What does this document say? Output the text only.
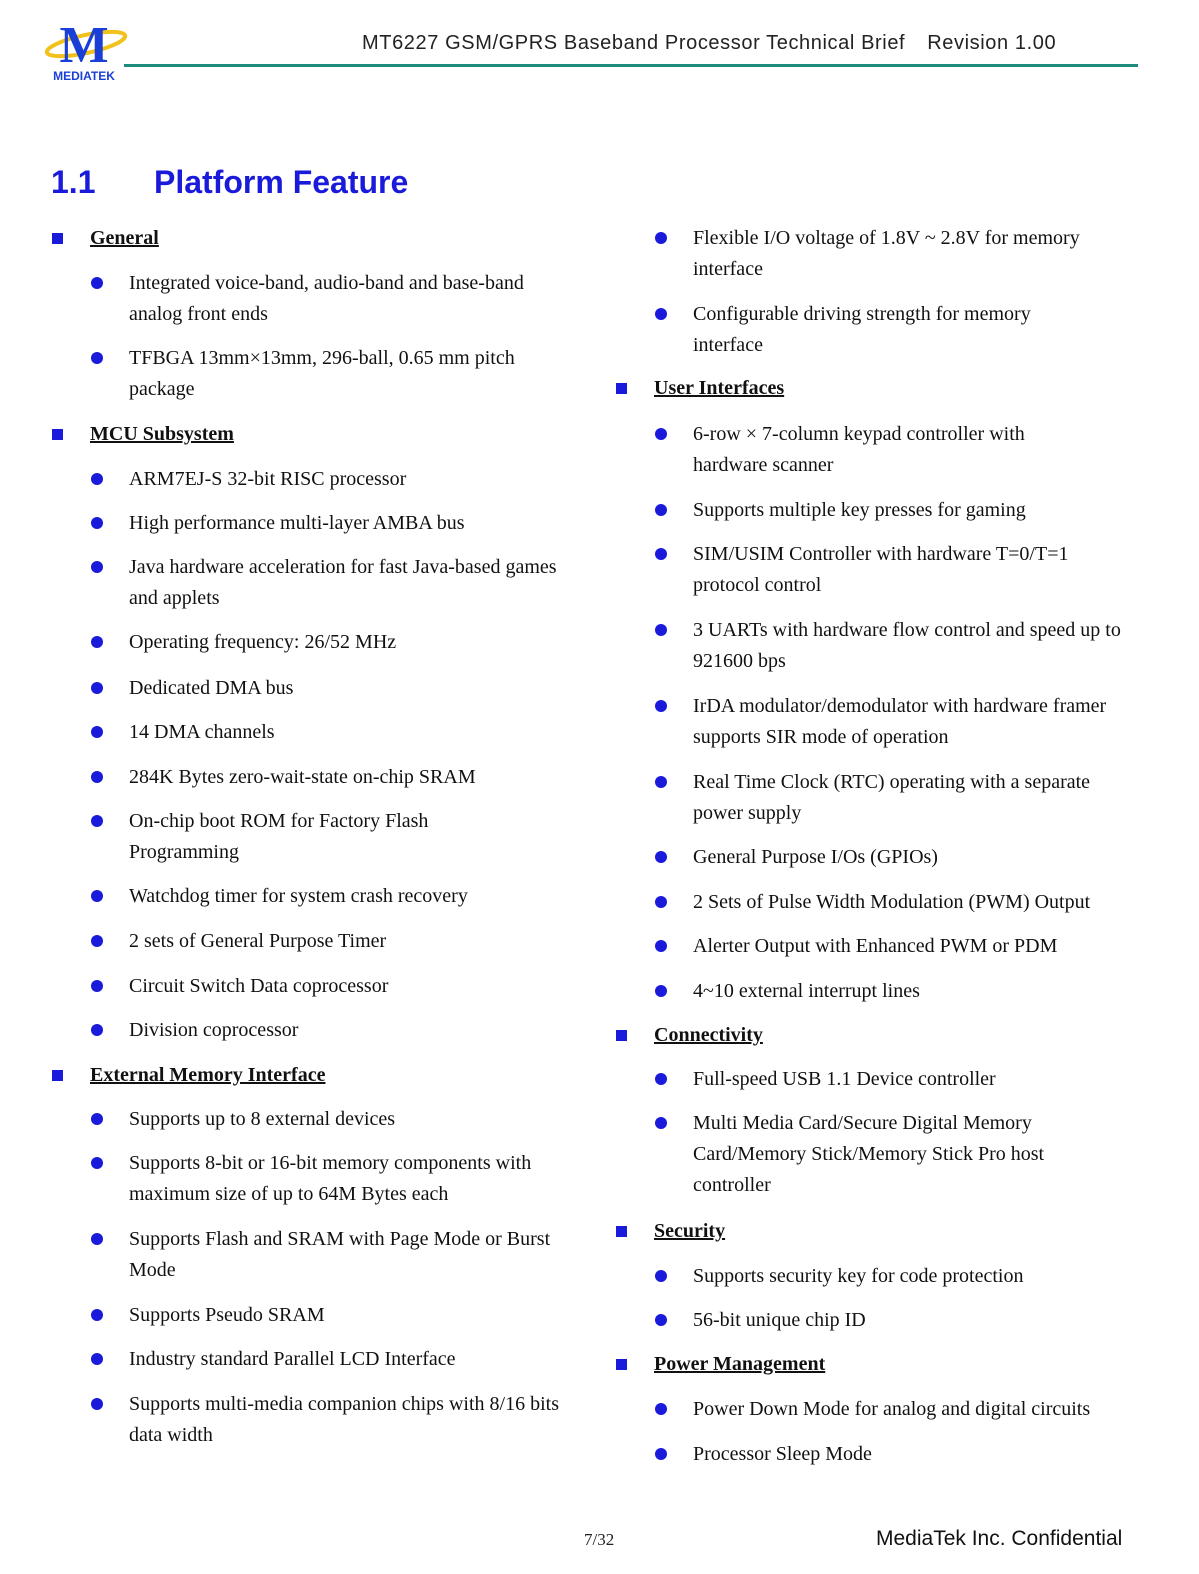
M
MEDIATEK
MT6227 GSM/GPRS Baseband Processor Technical Brief Revision 1.00
1.1 Platform Feature
General
Integrated voice-band, audio-band and base-band analog front ends
TFBGA 13mm×13mm, 296-ball, 0.65 mm pitch package
MCU Subsystem
ARM7EJ-S 32-bit RISC processor
High performance multi-layer AMBA bus
Java hardware acceleration for fast Java-based games and applets
Operating frequency: 26/52 MHz
Dedicated DMA bus
14 DMA channels
284K Bytes zero-wait-state on-chip SRAM
On-chip boot ROM for Factory Flash Programming
Watchdog timer for system crash recovery
2 sets of General Purpose Timer
Circuit Switch Data coprocessor
Division coprocessor
External Memory Interface
Supports up to 8 external devices
Supports 8-bit or 16-bit memory components with maximum size of up to 64M Bytes each
Supports Flash and SRAM with Page Mode or Burst Mode
Supports Pseudo SRAM
Industry standard Parallel LCD Interface
Supports multi-media companion chips with 8/16 bits data width
Flexible I/O voltage of 1.8V ~ 2.8V for memory interface
Configurable driving strength for memory interface
User Interfaces
6-row × 7-column keypad controller with hardware scanner
Supports multiple key presses for gaming
SIM/USIM Controller with hardware T=0/T=1 protocol control
3 UARTs with hardware flow control and speed up to 921600 bps
IrDA modulator/demodulator with hardware framer supports SIR mode of operation
Real Time Clock (RTC) operating with a separate power supply
General Purpose I/Os (GPIOs)
2 Sets of Pulse Width Modulation (PWM) Output
Alerter Output with Enhanced PWM or PDM
4~10 external interrupt lines
Connectivity
Full-speed USB 1.1 Device controller
Multi Media Card/Secure Digital Memory Card/Memory Stick/Memory Stick Pro host controller
Security
Supports security key for code protection
56-bit unique chip ID
Power Management
Power Down Mode for analog and digital circuits
Processor Sleep Mode
7/32	MediaTek Inc. Confidential
